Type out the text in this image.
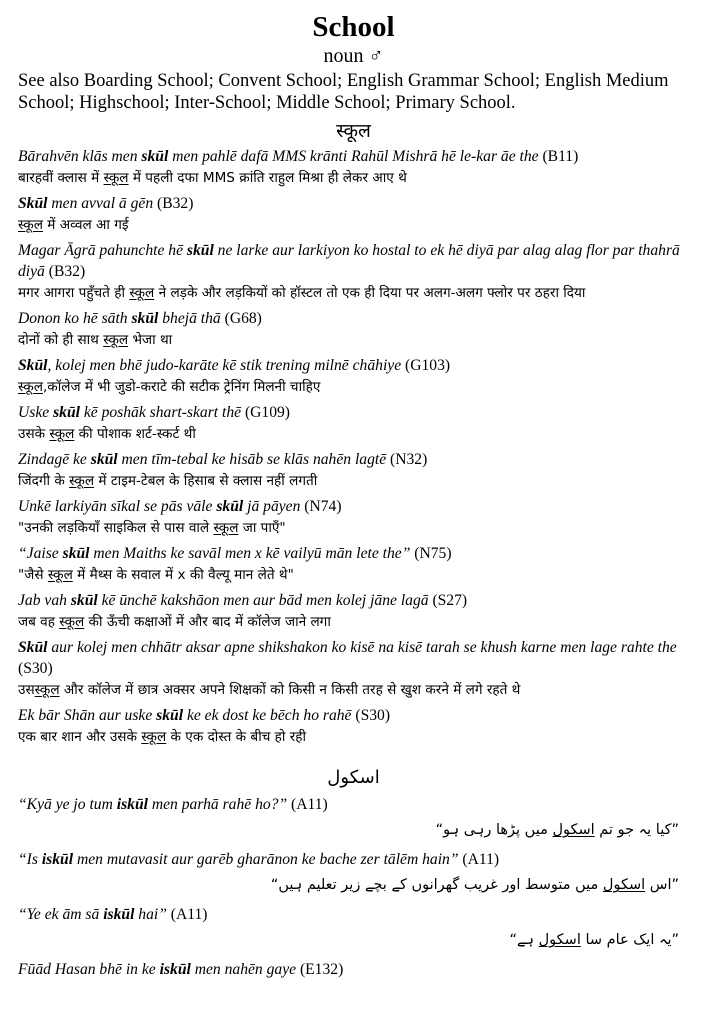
School
noun ♂
See also Boarding School; Convent School; English Grammar School; English Medium School; Highschool; Inter-School; Middle School; Primary School.
स्कूल
Bārahvēn klās men skūl men pahlē dafā MMS krānti Rahūl Mishrā hē le-kar āe the (B11)
बारहवीं क्लास में स्कूल में पहली दफा MMS क्रांति राहुल मिश्रा ही लेकर आए थे
Skūl men avval ā gēn (B32)
स्कूल में अव्वल आ गई
Magar Āgrā pahunchte hē skūl ne larke aur larkiyon ko hostal to ek hē diyā par alag alag flor par thahrā diyā (B32)
मगर आगरा पहुँचते ही स्कूल ने लड़के और लड़कियों को हॉस्टल तो एक ही दिया पर अलग-अलग फ्लोर पर ठहरा दिया
Donon ko hē sāth skūl bhejā thā (G68)
दोनों को ही साथ स्कूल भेजा था
Skūl, kolej men bhē judo-karāte kē stik trening milnē chāhiye (G103)
स्कूल,कॉलेज में भी जुडो-कराटे की सटीक ट्रेनिंग मिलनी चाहिए
Uske skūl kē poshāk shart-skart thē (G109)
उसके स्कूल की पोशाक शर्ट-स्कर्ट थी
Zindagē ke skūl men tīm-tebal ke hisāb se klās nahēn lagtē (N32)
जिंदगी के स्कूल में टाइम-टेबल के हिसाब से क्लास नहीं लगती
Unkē larkiyān sīkal se pās vāle skūl jā pāyen (N74)
"उनकी लड़कियाँ साइकिल से पास वाले स्कूल जा पाएँ"
“Jaise skūl men Maiths ke savāl men x kē vailyū mān lete the” (N75)
"जैसे स्कूल में मैथ्स के सवाल में x की वैल्यू मान लेते थे"
Jab vah skūl kē ūnchē kakshāon men aur bād men kolej jāne lagā (S27)
जब वह स्कूल की ऊँची कक्षाओं में और बाद में कॉलेज जाने लगा
Skūl aur kolej men chhātr aksar apne shikshakon ko kisē na kisē tarah se khush karne men lage rahte the (S30)
उसस्कूल और कॉलेज में छात्र अक्सर अपने शिक्षकों को किसी न किसी तरह से खुश करने में लगे रहते थे
Ek bār Shān aur uske skūl ke ek dost ke bēch ho rahē (S30)
एक बार शान और उसके स्कूल के एक दोस्त के बीच हो रही
اسکول
“Kyā ye jo tum iskūl men parhā rahē ho?” (A11)
”کیا یہ جو تم اسکول میں پڑھا رہی ہو“
“Is iskūl men mutavasit aur garēb gharānon ke bache zer tālēm hain” (A11)
”اس اسکول میں متوسط اور غریب گھرانوں کے بچے زیر تعلیم ہیں“
“Ye ek ām sā iskūl hai” (A11)
”یہ ایک عام سا اسکول ہے“
Fūād Hasan bhē in ke iskūl men nahēn gaye (E132)
